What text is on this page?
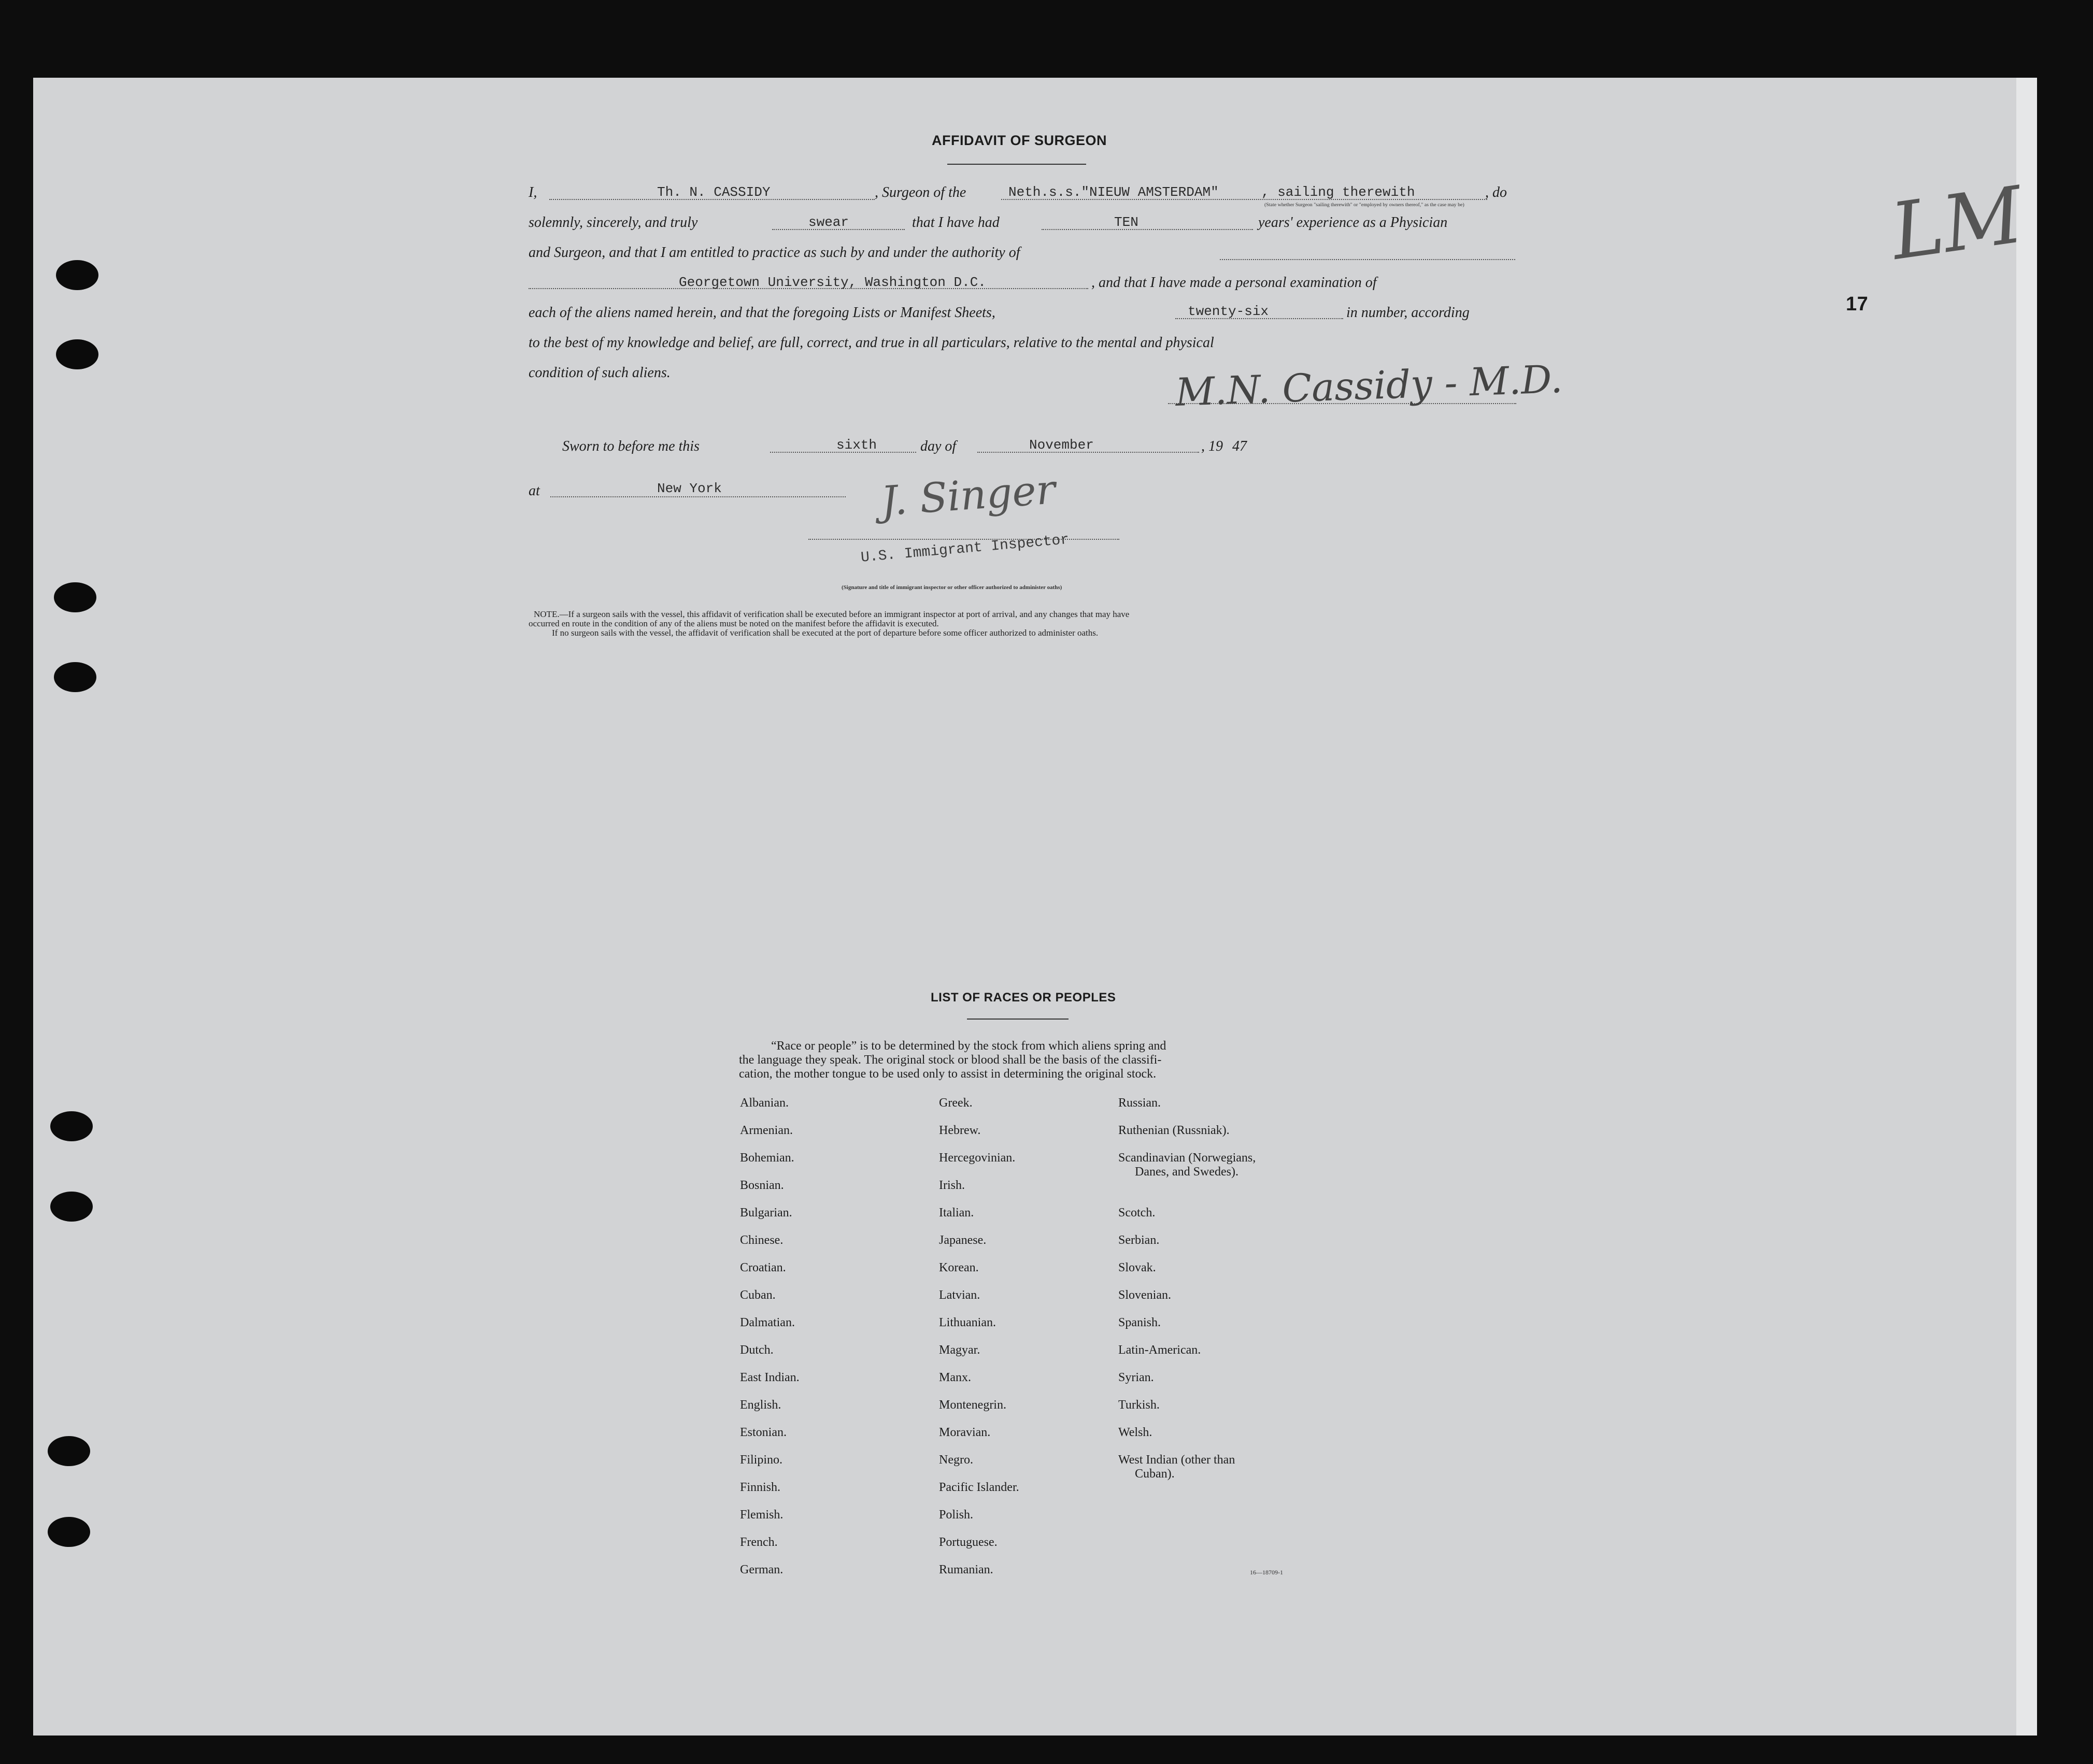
AFFIDAVIT OF SURGEON
LM
17
I,	Th. N. CASSIDY	, Surgeon of the	Neth.s.s."NIEUW AMSTERDAM"	, sailing therewith	, do
(State whether Surgeon "sailing therewith" or "employed by owners thereof," as the case may be)
solemnly, sincerely, and truly	swear	that I have had	TEN	years' experience as a Physician
and Surgeon, and that I am entitled to practice as such by and under the authority of
Georgetown University, Washington D.C.	, and that I have made a personal examination of
each of the aliens named herein, and that the foregoing Lists or Manifest Sheets,	twenty-six	in number, according
to the best of my knowledge and belief, are full, correct, and true in all particulars, relative to the mental and physical
condition of such aliens.	M.N. Cassidy - M.D.
Sworn to before me this	sixth	day of	November	, 19 47
at	New York	J. Singer
U.S. Immigrant Inspector
(Signature and title of immigrant inspector or other officer authorized to administer oaths)
NOTE.—If a surgeon sails with the vessel, this affidavit of verification shall be executed before an immigrant inspector at port of arrival, and any changes that may have
occurred en route in the condition of any of the aliens must be noted on the manifest before the affidavit is executed.
If no surgeon sails with the vessel, the affidavit of verification shall be executed at the port of departure before some officer authorized to administer oaths.
LIST OF RACES OR PEOPLES
“Race or people” is to be determined by the stock from which aliens spring and
the language they speak. The original stock or blood shall be the basis of the classifi-
cation, the mother tongue to be used only to assist in determining the original stock.
Albanian.
Armenian.
Bohemian.
Bosnian.
Bulgarian.
Chinese.
Croatian.
Cuban.
Dalmatian.
Dutch.
East Indian.
English.
Estonian.
Filipino.
Finnish.
Flemish.
French.
German.
Greek.
Hebrew.
Hercegovinian.
Irish.
Italian.
Japanese.
Korean.
Latvian.
Lithuanian.
Magyar.
Manx.
Montenegrin.
Moravian.
Negro.
Pacific Islander.
Polish.
Portuguese.
Rumanian.
Russian.
Ruthenian (Russniak).
Scandinavian (Norwegians,
Danes, and Swedes).
Scotch.
Serbian.
Slovak.
Slovenian.
Spanish.
Latin-American.
Syrian.
Turkish.
Welsh.
West Indian (other than
Cuban).
16—18709-1
